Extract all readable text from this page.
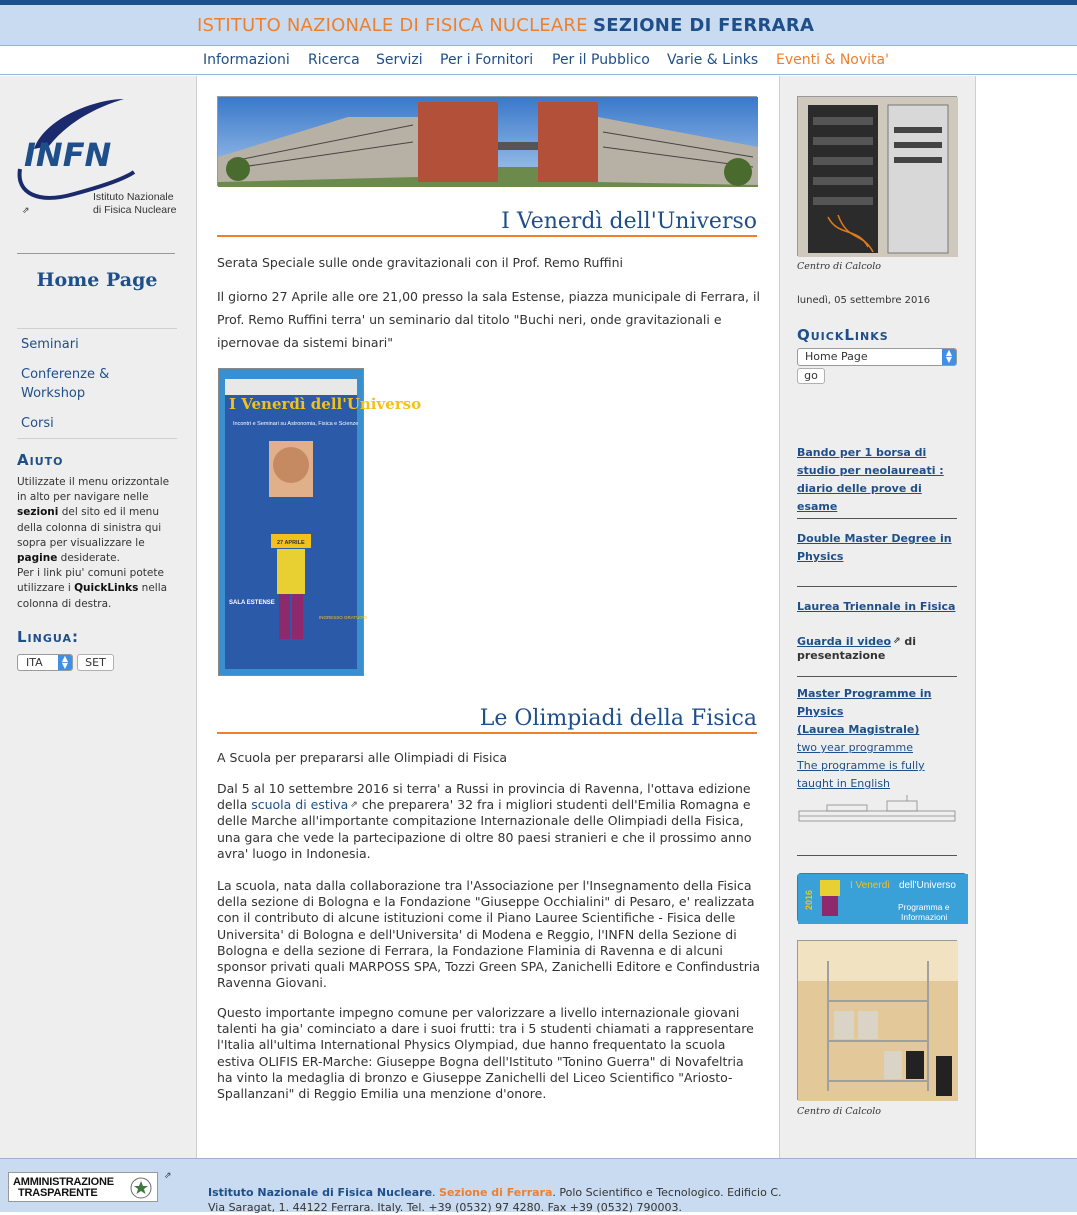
ISTITUTO NAZIONALE DI FISICA NUCLEARE SEZIONE DI FERRARA
Informazioni Ricerca Servizi Per i Fornitori Per il Pubblico Varie & Links Eventi & Novita'
INFN
Istituto Nazionale
di Fisica Nucleare
⇗
Home Page
Seminari
Conferenze & Workshop
Corsi
Aiuto
Utilizzate il menu orizzontale in alto per navigare nelle sezioni del sito ed il menu della colonna di sinistra qui sopra per visualizzare le pagine desiderate.
Per i link piu' comuni potete utilizzare i QuickLinks nella colonna di destra.
Lingua:
ITA	▲
▼	SET
I Venerdì dell'Universo
Serata Speciale sulle onde gravitazionali con il Prof. Remo Ruffini
Il giorno 27 Aprile alle ore 21,00 presso la sala Estense, piazza municipale di Ferrara, il Prof. Remo Ruffini terra' un seminario dal titolo "Buchi neri, onde gravitazionali e ipernovae da sistemi binari"
I Venerdì dell'Universo
Incontri e Seminari su Astronomia, Fisica e Scienze
27 APRILE
SALA ESTENSE
INGRESSO GRATUITO
Le Olimpiadi della Fisica
A Scuola per prepararsi alle Olimpiadi di Fisica
Dal 5 al 10 settembre 2016 si terra' a Russi in provincia di Ravenna, l'ottava edizione della scuola di estiva ⇗ che preparera' 32 fra i migliori studenti dell'Emilia Romagna e delle Marche all'importante compitazione Internazionale delle Olimpiadi della Fisica, una gara che vede la partecipazione di oltre 80 paesi stranieri e che il prossimo anno avra' luogo in Indonesia.
La scuola, nata dalla collaborazione tra l'Associazione per l'Insegnamento della Fisica della sezione di Bologna e la Fondazione "Giuseppe Occhialini" di Pesaro, e' realizzata con il contributo di alcune istituzioni come il Piano Lauree Scientifiche - Fisica delle Universita' di Bologna e dell'Universita' di Modena e Reggio, l'INFN della Sezione di Bologna e della sezione di Ferrara, la Fondazione Flaminia di Ravenna e di alcuni sponsor privati quali MARPOSS SPA, Tozzi Green SPA, Zanichelli Editore e Confindustria Ravenna Giovani.
Questo importante impegno comune per valorizzare a livello internazionale giovani talenti ha gia' cominciato a dare i suoi frutti: tra i 5 studenti chiamati a rappresentare l'Italia all'ultima International Physics Olympiad, due hanno frequentato la scuola estiva OLIFIS ER-Marche: Giuseppe Bogna dell'Istituto "Tonino Guerra" di Novafeltria ha vinto la medaglia di bronzo e Giuseppe Zanichelli del Liceo Scientifico "Ariosto-Spallanzani" di Reggio Emilia una menzione d'onore.
Centro di Calcolo
lunedì, 05 settembre 2016
QuickLinks
Home Page	▲
▼
go
Bando per 1 borsa di studio per neolaureati : diario delle prove di esame
Double Master Degree in Physics
Laurea Triennale in Fisica
Guarda il video ⇗ di presentazione
Master Programme in Physics
(Laurea Magistrale)
two year programme
The programme is fully taught in English
2016
I Venerdì dell'Universo
Programma e
Informazioni
Centro di Calcolo
AMMINISTRAZIONE
TRASPARENTE
⇗
Istituto Nazionale di Fisica Nucleare. Sezione di Ferrara. Polo Scientifico e Tecnologico. Edificio C.
Via Saragat, 1. 44122 Ferrara. Italy. Tel. +39 (0532) 97 4280. Fax +39 (0532) 790003.
